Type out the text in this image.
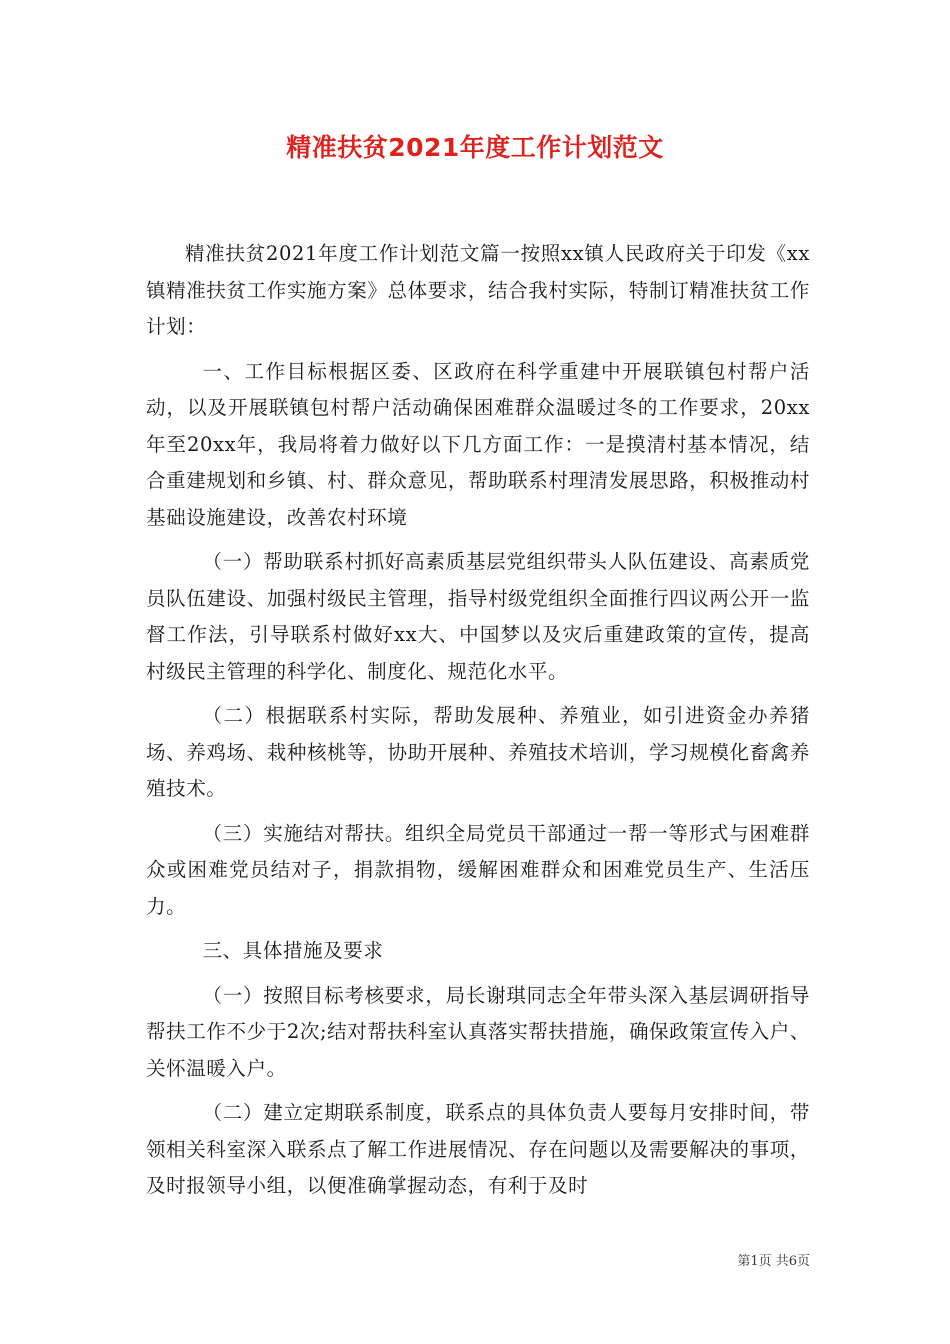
精准扶贫2021年度工作计划范文

精准扶贫2021年度工作计划范文篇一按照xx镇人民政府关于印发《xx镇精准扶贫工作实施方案》总体要求，结合我村实际，特制订精准扶贫工作计划：

一、工作目标根据区委、区政府在科学重建中开展联镇包村帮户活动，以及开展联镇包村帮户活动确保困难群众温暖过冬的工作要求，20xx年至20xx年，我局将着力做好以下几方面工作：一是摸清村基本情况，结合重建规划和乡镇、村、群众意见，帮助联系村理清发展思路，积极推动村基础设施建设，改善农村环境

（一）帮助联系村抓好高素质基层党组织带头人队伍建设、高素质党员队伍建设、加强村级民主管理，指导村级党组织全面推行四议两公开一监督工作法，引导联系村做好xx大、中国梦以及灾后重建政策的宣传，提高村级民主管理的科学化、制度化、规范化水平。

（二）根据联系村实际，帮助发展种、养殖业，如引进资金办养猪场、养鸡场、栽种核桃等，协助开展种、养殖技术培训，学习规模化畜禽养殖技术。

（三）实施结对帮扶。组织全局党员干部通过一帮一等形式与困难群众或困难党员结对子，捐款捐物，缓解困难群众和困难党员生产、生活压力。

三、具体措施及要求

（一）按照目标考核要求，局长谢琪同志全年带头深入基层调研指导帮扶工作不少于2次;结对帮扶科室认真落实帮扶措施，确保政策宣传入户、关怀温暖入户。

（二）建立定期联系制度，联系点的具体负责人要每月安排时间，带领相关科室深入联系点了解工作进展情况、存在问题以及需要解决的事项，及时报领导小组，以便准确掌握动态，有利于及时

第1页 共6页
